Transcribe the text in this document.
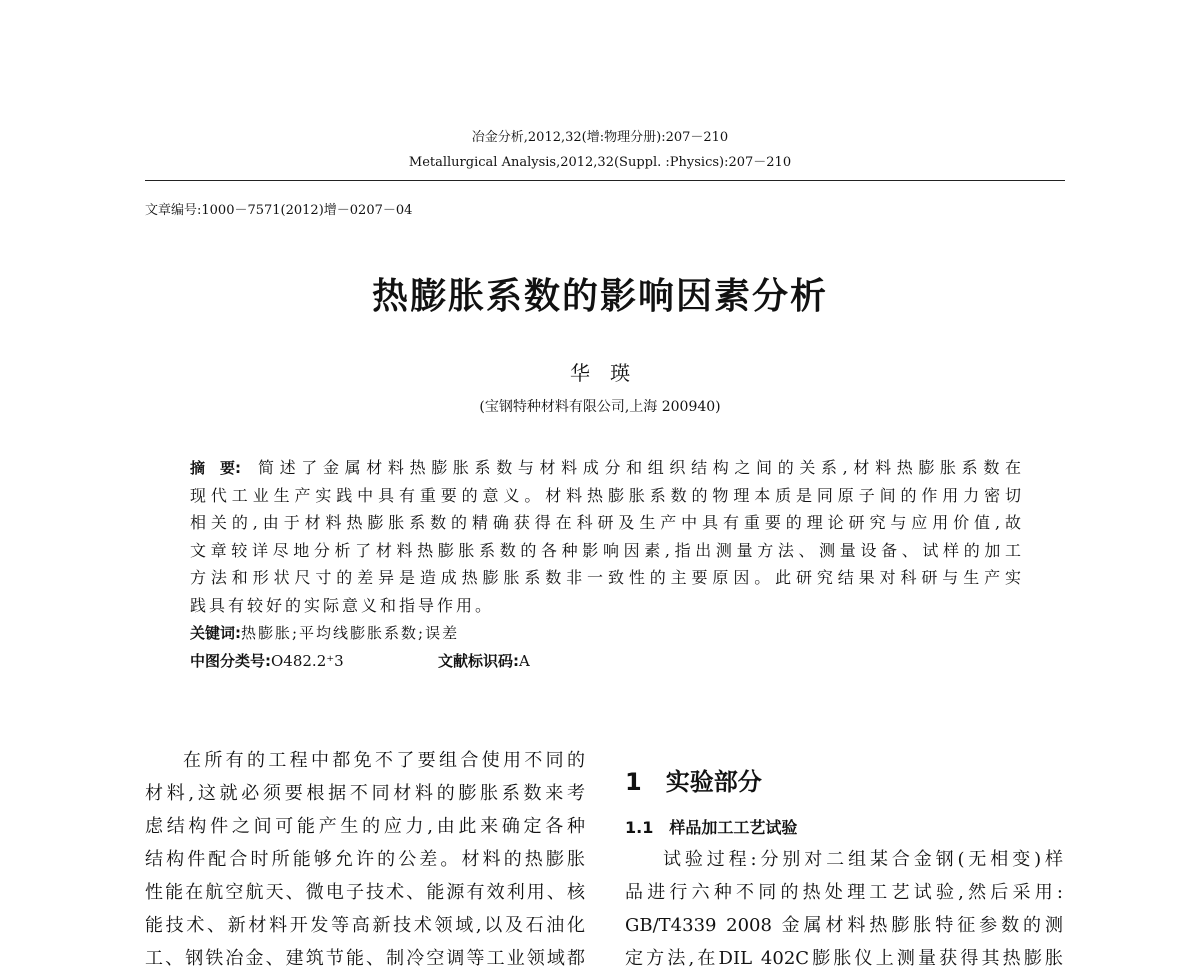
冶金分析,2012,32(增:物理分册):207－210
Metallurgical Analysis,2012,32(Suppl. :Physics):207－210
文章编号:1000－7571(2012)增－0207－04
热膨胀系数的影响因素分析
华　瑛
(宝钢特种材料有限公司,上海 200940)
摘　要: 简述了金属材料热膨胀系数与材料成分和组织结构之间的关系,材料热膨胀系数在
现代工业生产实践中具有重要的意义。材料热膨胀系数的物理本质是同原子间的作用力密切
相关的,由于材料热膨胀系数的精确获得在科研及生产中具有重要的理论研究与应用价值,故
文章较详尽地分析了材料热膨胀系数的各种影响因素,指出测量方法、测量设备、试样的加工
方法和形状尺寸的差异是造成热膨胀系数非一致性的主要原因。此研究结果对科研与生产实
践具有较好的实际意义和指导作用。
关键词:热膨胀;平均线膨胀系数;误差
中图分类号:O482.2⁺3	文献标识码:A
在所有的工程中都免不了要组合使用不同的
材料,这就必须要根据不同材料的膨胀系数来考
虑结构件之间可能产生的应力,由此来确定各种
结构件配合时所能够允许的公差。材料的热膨胀
性能在航空航天、微电子技术、能源有效利用、核
能技术、新材料开发等高新技术领域,以及石油化
工、钢铁冶金、建筑节能、制冷空调等工业领域都
1　实验部分
1.1　样品加工工艺试验
试验过程:分别对二组某合金钢(无相变)样
品进行六种不同的热处理工艺试验,然后采用:
GB/T4339 2008 金属材料热膨胀特征参数的测
定方法,在DIL 402C膨胀仪上测量获得其热膨胀
